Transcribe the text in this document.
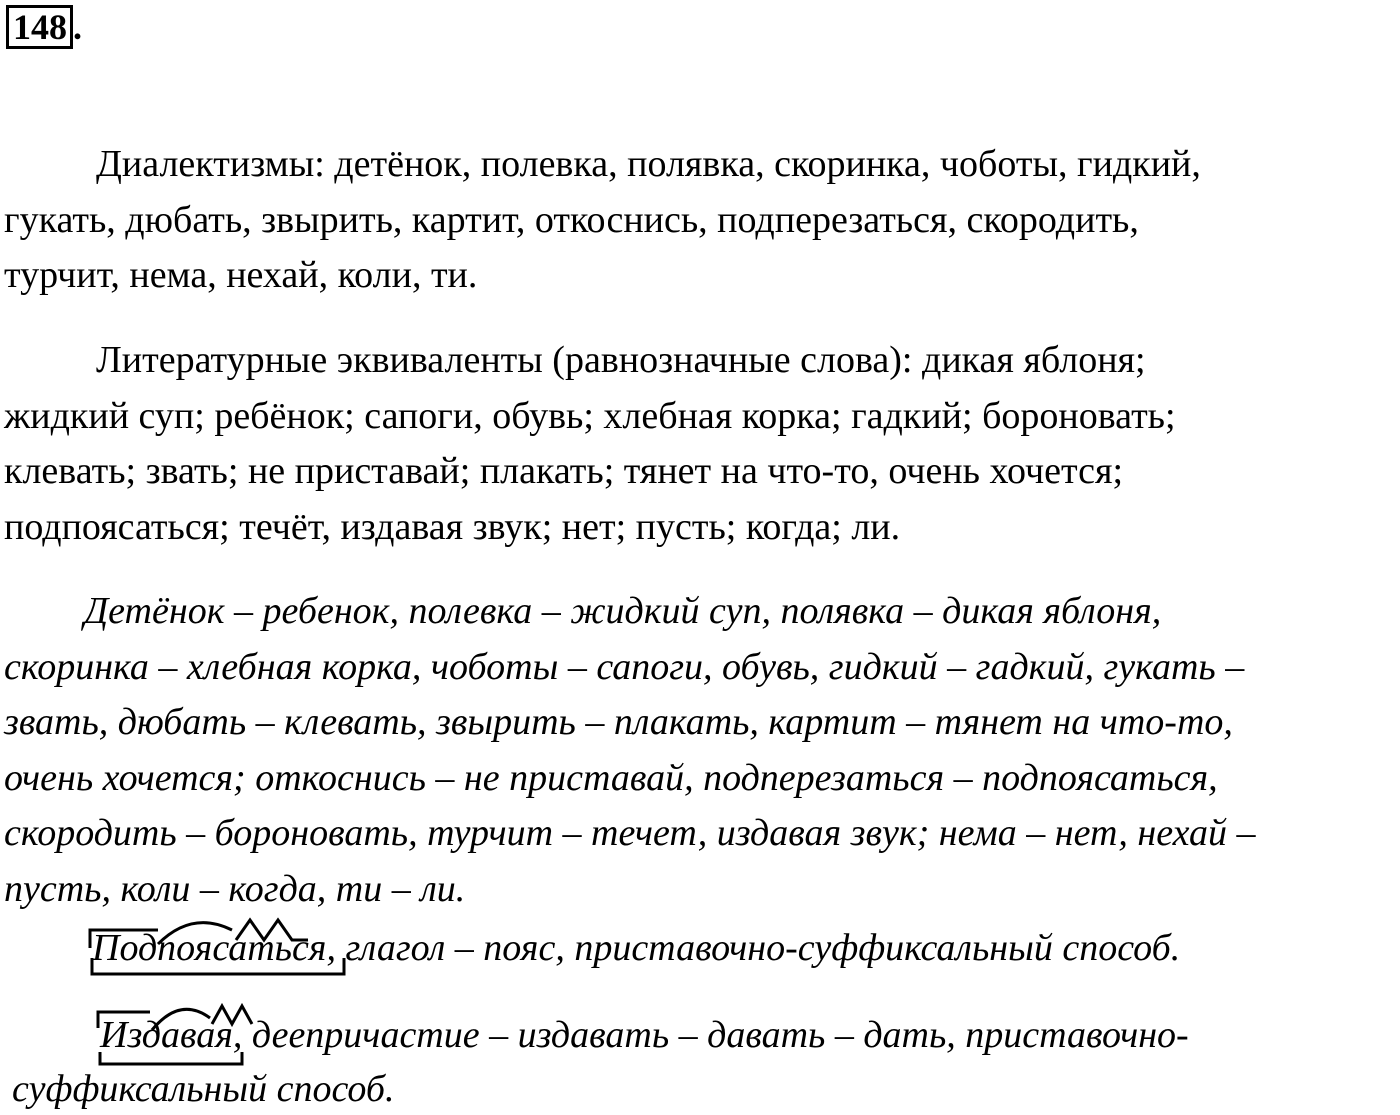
148 .

Диалектизмы: детёнок, полевка, полявка, скоринка, чоботы, гидкий,
гукать, дюбать, звырить, картит, откоснись, подперезаться, скородить,
турчит, нема, нехай, коли, ти.

Литературные эквиваленты (равнозначные слова): дикая яблоня;
жидкий суп; ребёнок; сапоги, обувь; хлебная корка; гадкий; бороновать;
клевать; звать; не приставай; плакать; тянет на что-то, очень хочется;
подпоясаться; течёт, издавая звук; нет; пусть; когда; ли.

Детёнок – ребенок, полевка – жидкий суп, полявка – дикая яблоня,
скоринка – хлебная корка, чоботы – сапоги, обувь, гидкий – гадкий, гукать –
звать, дюбать – клевать, звырить – плакать, картит – тянет на что-то,
очень хочется; откоснись – не приставай, подперезаться – подпоясаться,
скородить – бороновать, турчит – течет, издавая звук; нема – нет, нехай –
пусть, коли – когда, ти – ли.

Подпоясаться, глагол – пояс, приставочно-суффиксальный способ.
Издавая, деепричастие – издавать – давать – дать, приставочно-
суффиксальный способ.
